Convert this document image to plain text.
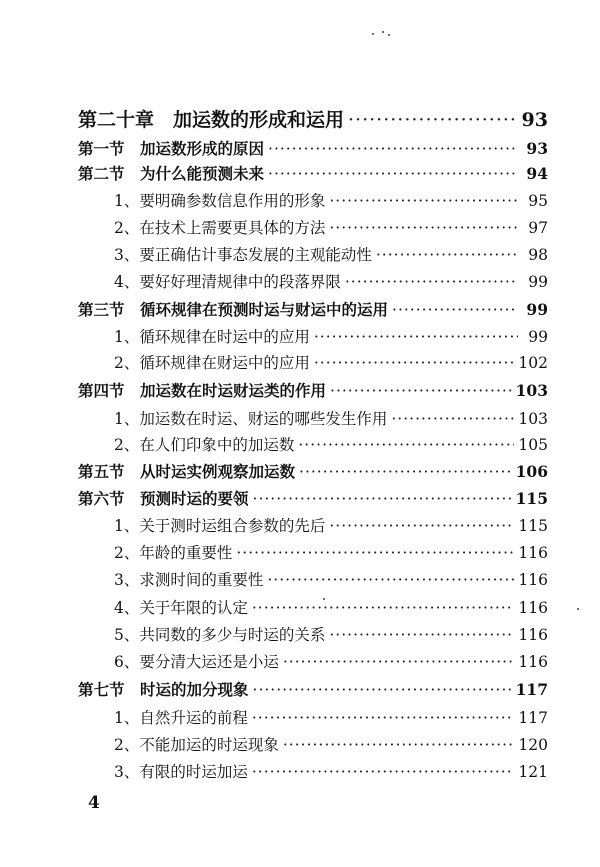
第二十章　加运数的形成和运用 ·····	93
第一节　加运数形成的原因 ·····	93
第二节　为什么能预测未来 ·····	94
1、要明确参数信息作用的形象 ·····	95
2、在技术上需要更具体的方法 ·····	97
3、要正确估计事态发展的主观能动性 ·····	98
4、要好好理清规律中的段落界限 ·····	99
第三节　循环规律在预测时运与财运中的运用 ·····	99
1、循环规律在时运中的应用 ·····	99
2、循环规律在财运中的应用 ·····	102
第四节　加运数在时运财运类的作用 ·····	103
1、加运数在时运、财运的哪些发生作用 ·····	103
2、在人们印象中的加运数 ·····	105
第五节　从时运实例观察加运数 ·····	106
第六节　预测时运的要领 ·····	115
1、关于测时运组合参数的先后 ·····	115
2、年龄的重要性 ·····	116
3、求测时间的重要性 ·····	116
4、关于年限的认定 ·····	116
5、共同数的多少与时运的关系 ·····	116
6、要分清大运还是小运 ·····	116
第七节　时运的加分现象 ·····	117
1、自然升运的前程 ·····	117
2、不能加运的时运现象 ·····	120
3、有限的时运加运 ·····	121
4
